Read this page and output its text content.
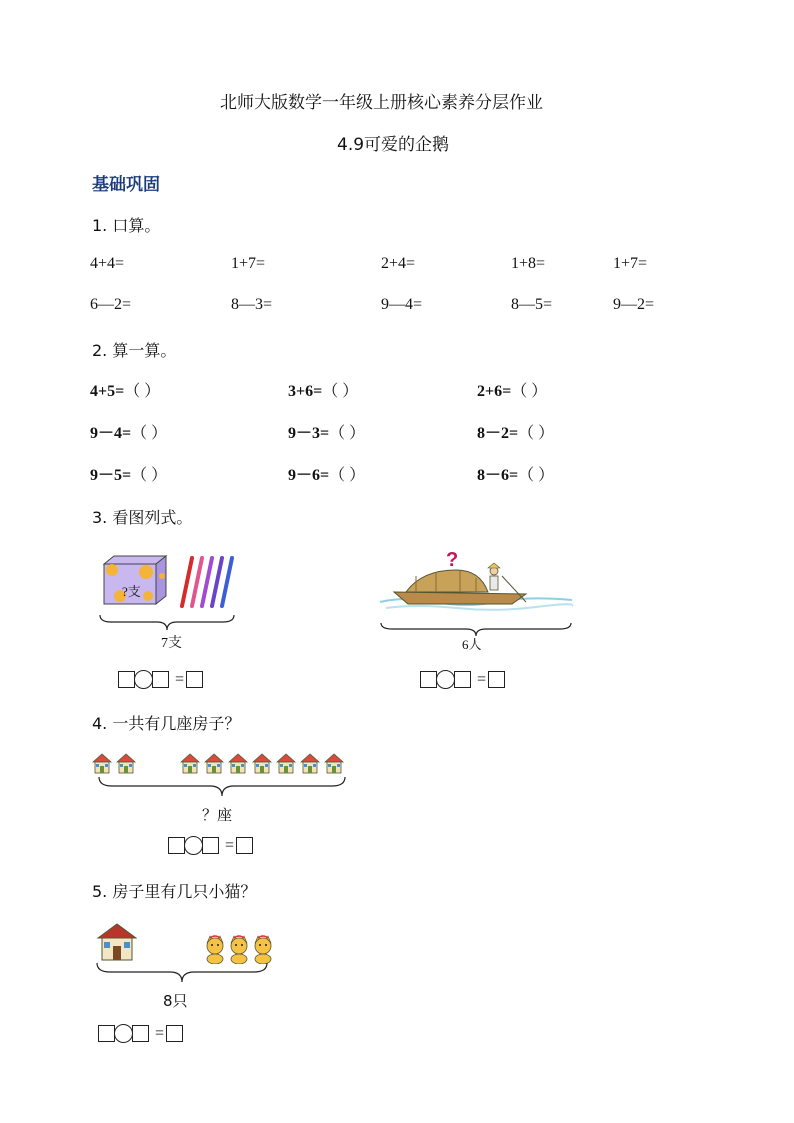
北师大版数学一年级上册核心素养分层作业
4.9可爱的企鹅
基础巩固
1. 口算。
4+4=	1+7=	2+4=	1+8=	1+7=
6—2=	8—3=	9—4=	8—5=	9—2=
2. 算一算。
4+5=（ ）	3+6=（ ）	2+6=（ ）
9－4=（ ）	9－3=（ ）	8－2=（ ）
9－5=（ ）	9－6=（ ）	8－6=（ ）
3. 看图列式。
?支
7支
=
?
6人
=
4. 一共有几座房子？
？座
=
5. 房子里有几只小猫？
8只
=
